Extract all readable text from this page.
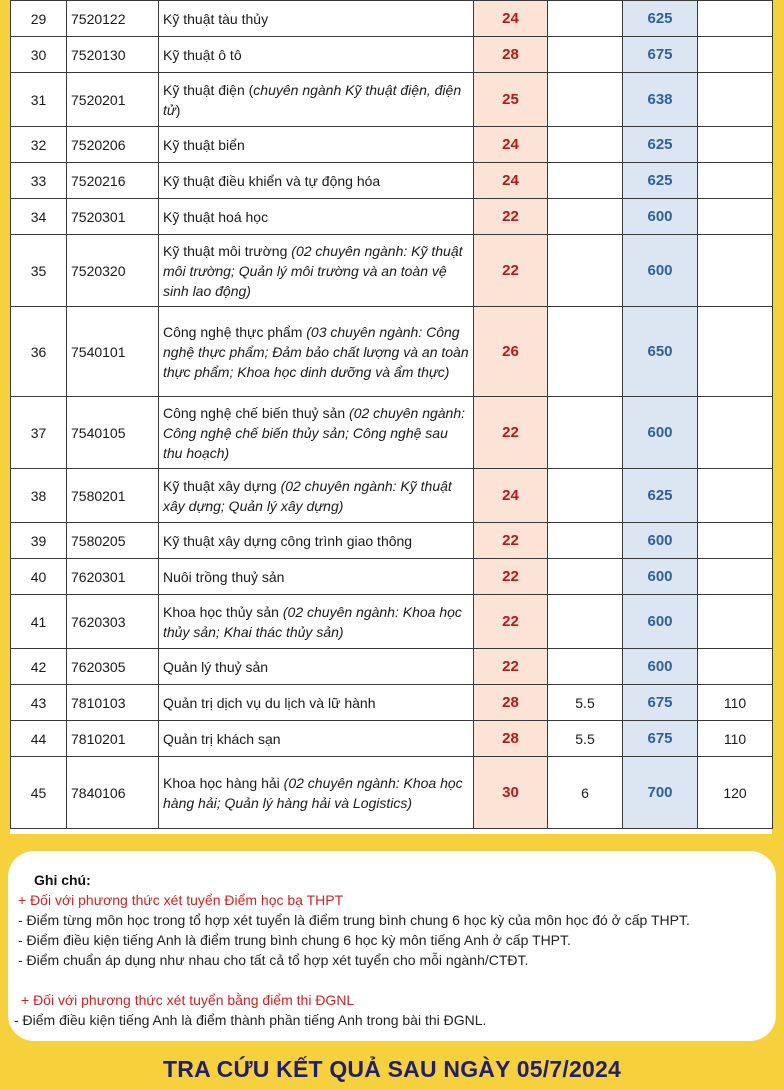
29	7520122	Kỹ thuật tàu thủy	24		625	
30	7520130	Kỹ thuật ô tô	28		675	
31	7520201	Kỹ thuật điện (chuyên ngành Kỹ thuật điện, điện tử)	25		638	
32	7520206	Kỹ thuật biển	24		625	
33	7520216	Kỹ thuật điều khiển và tự động hóa	24		625	
34	7520301	Kỹ thuật hoá học	22		600	
35	7520320	Kỹ thuật môi trường (02 chuyên ngành: Kỹ thuật môi trường; Quản lý môi trường và an toàn vệ sinh lao động)	22		600	
36	7540101	Công nghệ thực phẩm (03 chuyên ngành: Công nghệ thực phẩm; Đảm bảo chất lượng và an toàn thực phẩm; Khoa học dinh dưỡng và ẩm thực)	26		650	
37	7540105	Công nghệ chế biến thuỷ sản (02 chuyên ngành: Công nghệ chế biến thủy sản; Công nghệ sau thu hoạch)	22		600	
38	7580201	Kỹ thuật xây dựng (02 chuyên ngành: Kỹ thuật xây dựng; Quản lý xây dựng)	24		625	
39	7580205	Kỹ thuật xây dựng công trình giao thông	22		600	
40	7620301	Nuôi trồng thuỷ sản	22		600	
41	7620303	Khoa học thủy sản (02 chuyên ngành: Khoa học thủy sản; Khai thác thủy sản)	22		600	
42	7620305	Quản lý thuỷ sản	22		600	
43	7810103	Quản trị dịch vụ du lịch và lữ hành	28	5.5	675	110
44	7810201	Quản trị khách sạn	28	5.5	675	110
45	7840106	Khoa học hàng hải (02 chuyên ngành: Khoa học hàng hải; Quản lý hàng hải và Logistics)	30	6	700	120
Ghi chú:
+ Đối với phương thức xét tuyển Điểm học bạ THPT
- Điểm từng môn học trong tổ hợp xét tuyển là điểm trung bình chung 6 học kỳ của môn học đó ở cấp THPT.
- Điểm điều kiện tiếng Anh là điểm trung bình chung 6 học kỳ môn tiếng Anh ở cấp THPT.
- Điểm chuẩn áp dụng như nhau cho tất cả tổ hợp xét tuyển cho mỗi ngành/CTĐT.
+ Đối với phương thức xét tuyển bằng điểm thi ĐGNL
- Điểm điều kiện tiếng Anh là điểm thành phần tiếng Anh trong bài thi ĐGNL.
TRA CỨU KẾT QUẢ SAU NGÀY 05/7/2024
